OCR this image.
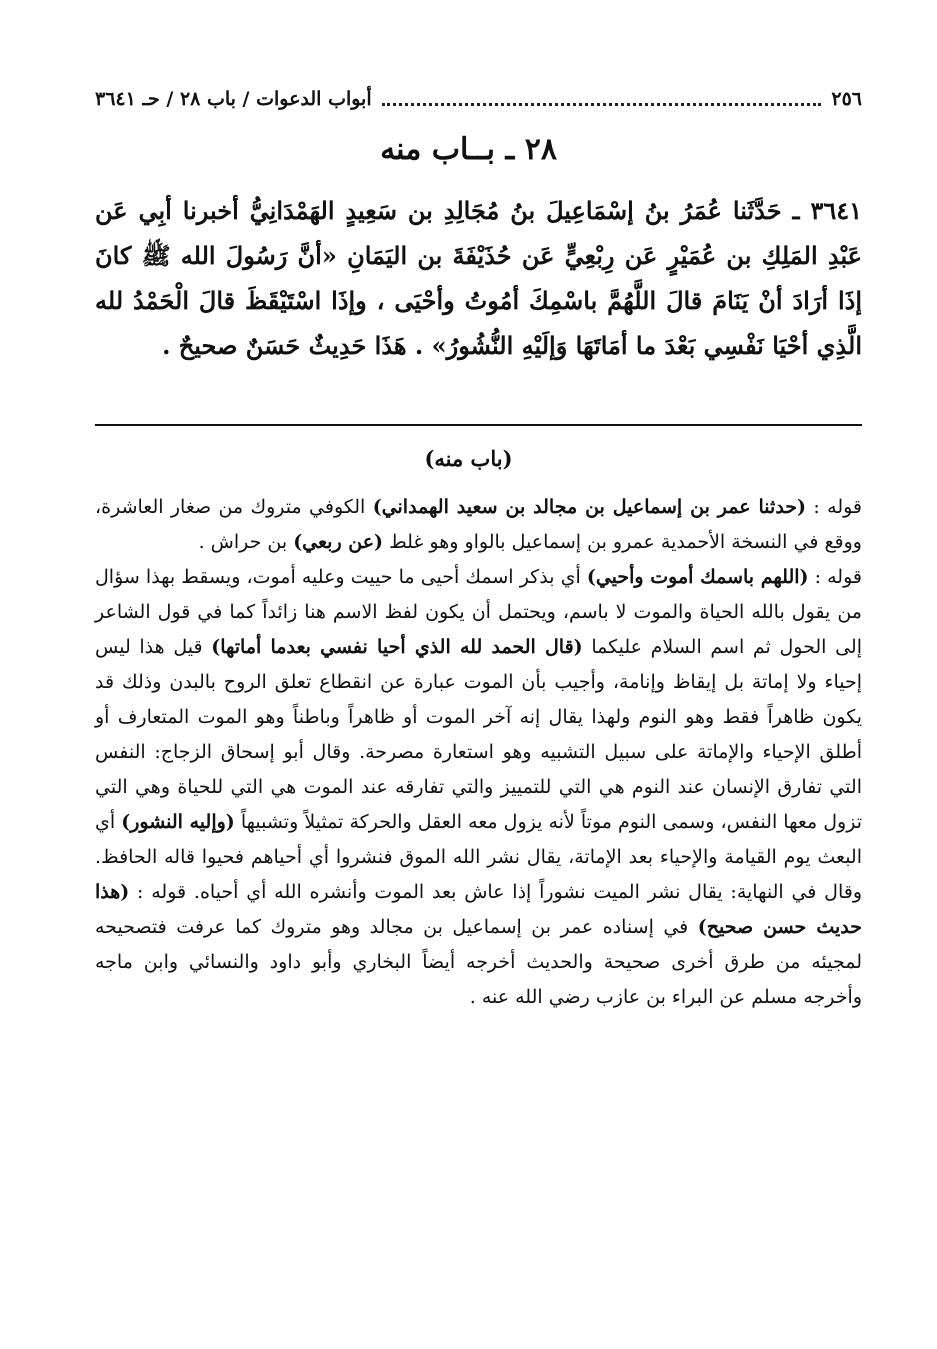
٢٥٦
أبواب الدعوات / باب ٢٨ / حـ ٣٦٤١
٢٨ ـ بــاب منه
٣٦٤١ ـ حَدَّثَنا عُمَرُ بنُ إسْمَاعِيلَ بنُ مُجَالِدِ بن سَعِيدٍ الهَمْدَانِيُّ أخبرنا أبِي عَن عَبْدِ المَلِكِ بن عُمَيْرٍ عَن رِبْعِيٍّ عَن حُذَيْفَةَ بن اليَمَانِ «أنَّ رَسُولَ الله ﷺ كانَ إذَا أرَادَ أنْ يَنَامَ قالَ اللَّهُمَّ باسْمِكَ أمُوتُ وأحْيَى ، وإذَا اسْتَيْقَظَ قالَ الْحَمْدُ لله الَّذِي أحْيَا نَفْسِي بَعْدَ ما أمَاتَهَا وَإلَيْهِ النُّشُورُ» . هَذَا حَدِيثٌ حَسَنٌ صحيحٌ .
(باب منه)
قوله : (حدثنا عمر بن إسماعيل بن مجالد بن سعيد الهمداني) الكوفي متروك من صغار العاشرة، ووقع في النسخة الأحمدية عمرو بن إسماعيل بالواو وهو غلط (عن ربعي) بن حراش .
قوله : (اللهم باسمك أموت وأحيي) أي بذكر اسمك أحيى ما حييت وعليه أموت، ويسقط بهذا سؤال من يقول بالله الحياة والموت لا باسم، ويحتمل أن يكون لفظ الاسم هنا زائداً كما في قول الشاعر إلى الحول ثم اسم السلام عليكما (قال الحمد لله الذي أحيا نفسي بعدما أماتها) قيل هذا ليس إحياء ولا إماتة بل إيقاظ وإنامة، وأجيب بأن الموت عبارة عن انقطاع تعلق الروح بالبدن وذلك قد يكون ظاهراً فقط وهو النوم ولهذا يقال إنه آخر الموت أو ظاهراً وباطناً وهو الموت المتعارف أو أطلق الإحياء والإماتة على سبيل التشبيه وهو استعارة مصرحة. وقال أبو إسحاق الزجاج: النفس التي تفارق الإنسان عند النوم هي التي للتمييز والتي تفارقه عند الموت هي التي للحياة وهي التي تزول معها النفس، وسمى النوم موتاً لأنه يزول معه العقل والحركة تمثيلاً وتشبيهاً (وإليه النشور) أي البعث يوم القيامة والإحياء بعد الإماتة، يقال نشر الله الموق فنشروا أي أحياهم فحيوا قاله الحافظ. وقال في النهاية: يقال نشر الميت نشوراً إذا عاش بعد الموت وأنشره الله أي أحياه. قوله : (هذا حديث حسن صحيح) في إسناده عمر بن إسماعيل بن مجالد وهو متروك كما عرفت فتصحيحه لمجيئه من طرق أخرى صحيحة والحديث أخرجه أيضاً البخاري وأبو داود والنسائي وابن ماجه وأخرجه مسلم عن البراء بن عازب رضي الله عنه .
